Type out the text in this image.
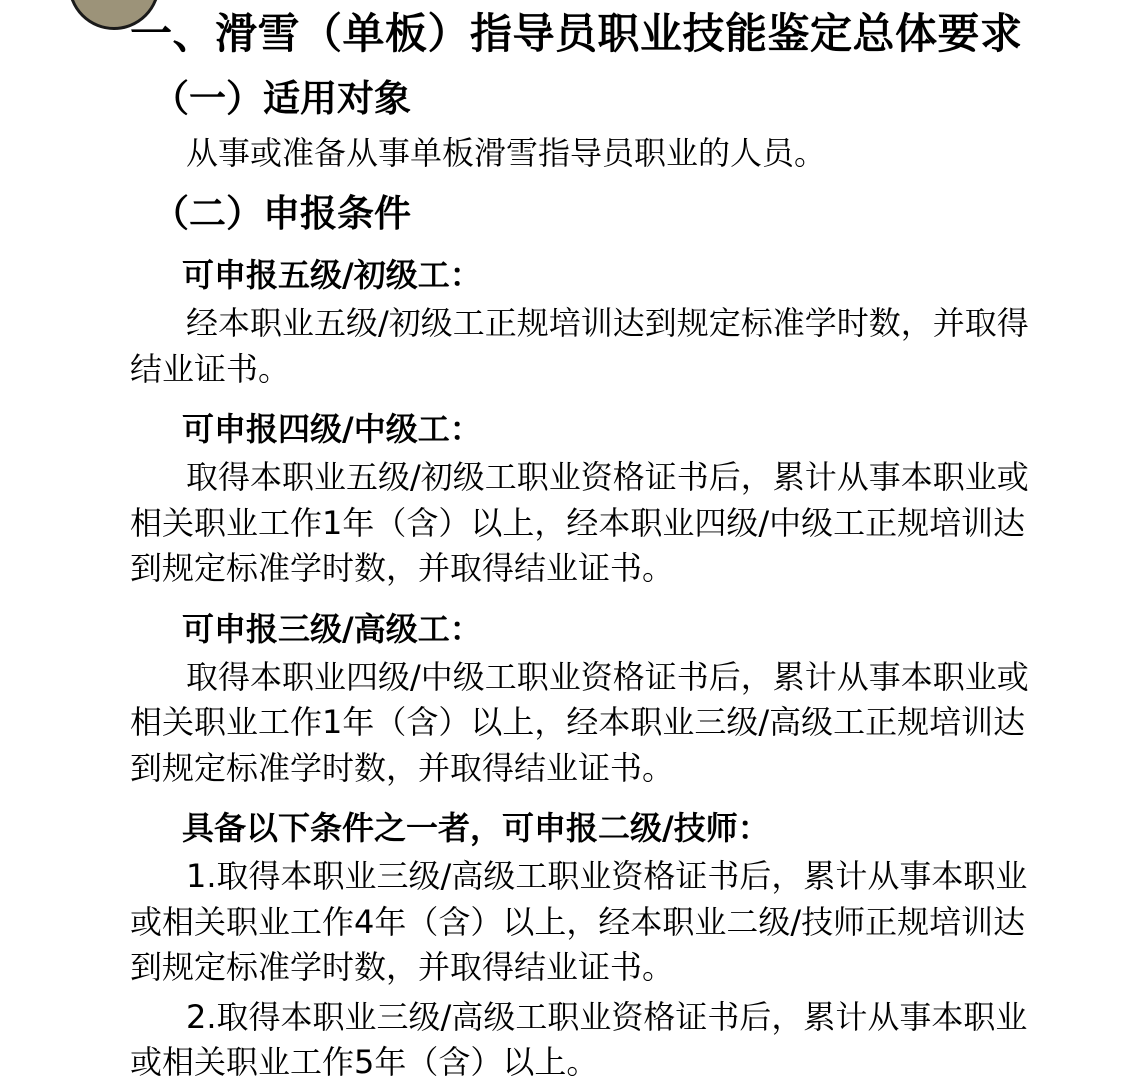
一、滑雪（单板）指导员职业技能鉴定总体要求
（一）适用对象
从事或准备从事单板滑雪指导员职业的人员。
（二）申报条件
可申报五级/初级工：
经本职业五级/初级工正规培训达到规定标准学时数，并取得结业证书。
可申报四级/中级工：
取得本职业五级/初级工职业资格证书后，累计从事本职业或相关职业工作1年（含）以上，经本职业四级/中级工正规培训达到规定标准学时数，并取得结业证书。
可申报三级/高级工：
取得本职业四级/中级工职业资格证书后，累计从事本职业或相关职业工作1年（含）以上，经本职业三级/高级工正规培训达到规定标准学时数，并取得结业证书。
具备以下条件之一者，可申报二级/技师：
1.取得本职业三级/高级工职业资格证书后，累计从事本职业或相关职业工作4年（含）以上，经本职业二级/技师正规培训达到规定标准学时数，并取得结业证书。
2.取得本职业三级/高级工职业资格证书后，累计从事本职业或相关职业工作5年（含）以上。
